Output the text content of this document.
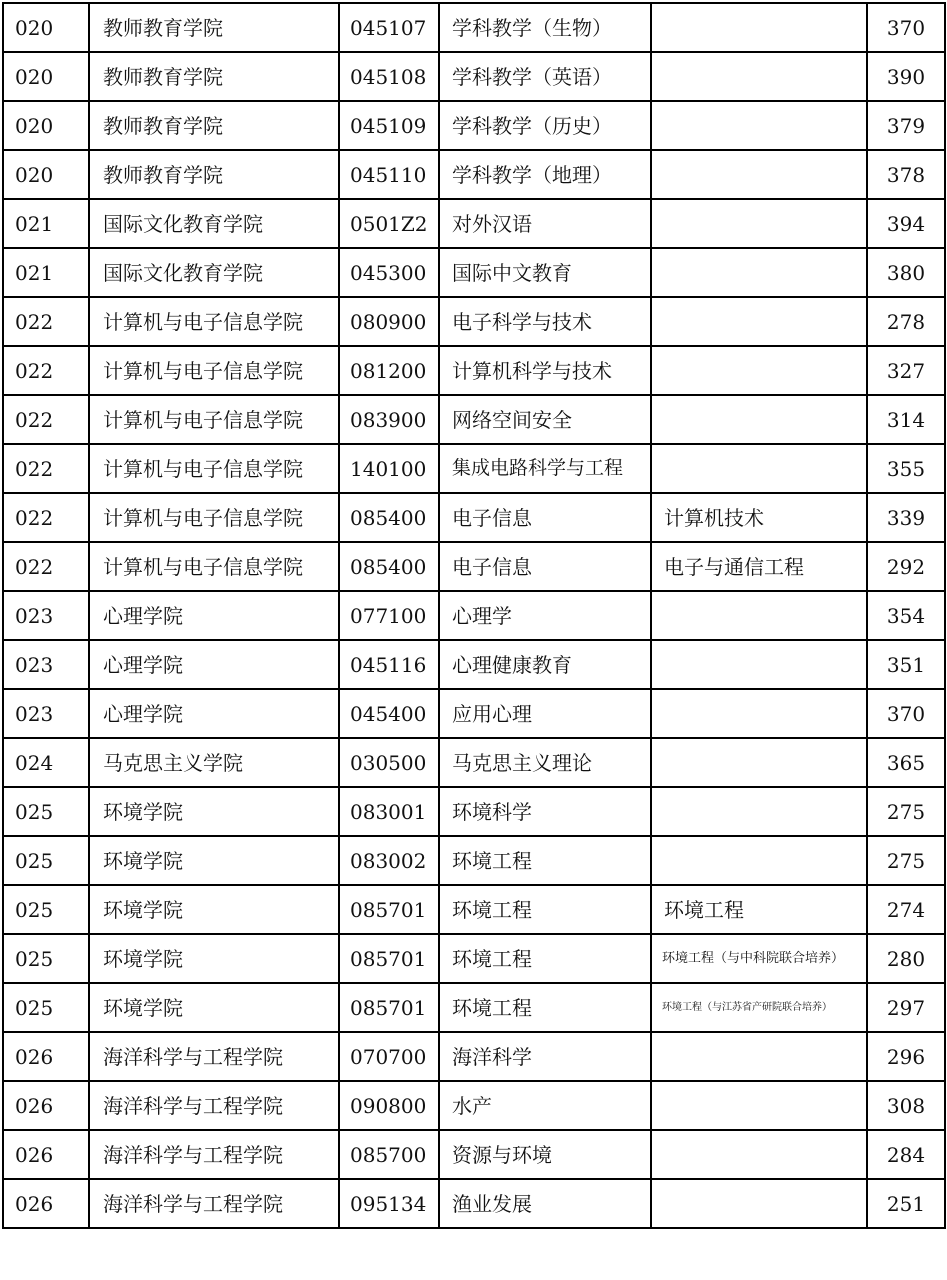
020	教师教育学院	045107	学科教学（生物）		370
020	教师教育学院	045108	学科教学（英语）		390
020	教师教育学院	045109	学科教学（历史）		379
020	教师教育学院	045110	学科教学（地理）		378
021	国际文化教育学院	0501Z2	对外汉语		394
021	国际文化教育学院	045300	国际中文教育		380
022	计算机与电子信息学院	080900	电子科学与技术		278
022	计算机与电子信息学院	081200	计算机科学与技术		327
022	计算机与电子信息学院	083900	网络空间安全		314
022	计算机与电子信息学院	140100	集成电路科学与工程		355
022	计算机与电子信息学院	085400	电子信息	计算机技术	339
022	计算机与电子信息学院	085400	电子信息	电子与通信工程	292
023	心理学院	077100	心理学		354
023	心理学院	045116	心理健康教育		351
023	心理学院	045400	应用心理		370
024	马克思主义学院	030500	马克思主义理论		365
025	环境学院	083001	环境科学		275
025	环境学院	083002	环境工程		275
025	环境学院	085701	环境工程	环境工程	274
025	环境学院	085701	环境工程	环境工程（与中科院联合培养）	280
025	环境学院	085701	环境工程	环境工程（与江苏省产研院联合培养）	297
026	海洋科学与工程学院	070700	海洋科学		296
026	海洋科学与工程学院	090800	水产		308
026	海洋科学与工程学院	085700	资源与环境		284
026	海洋科学与工程学院	095134	渔业发展		251
